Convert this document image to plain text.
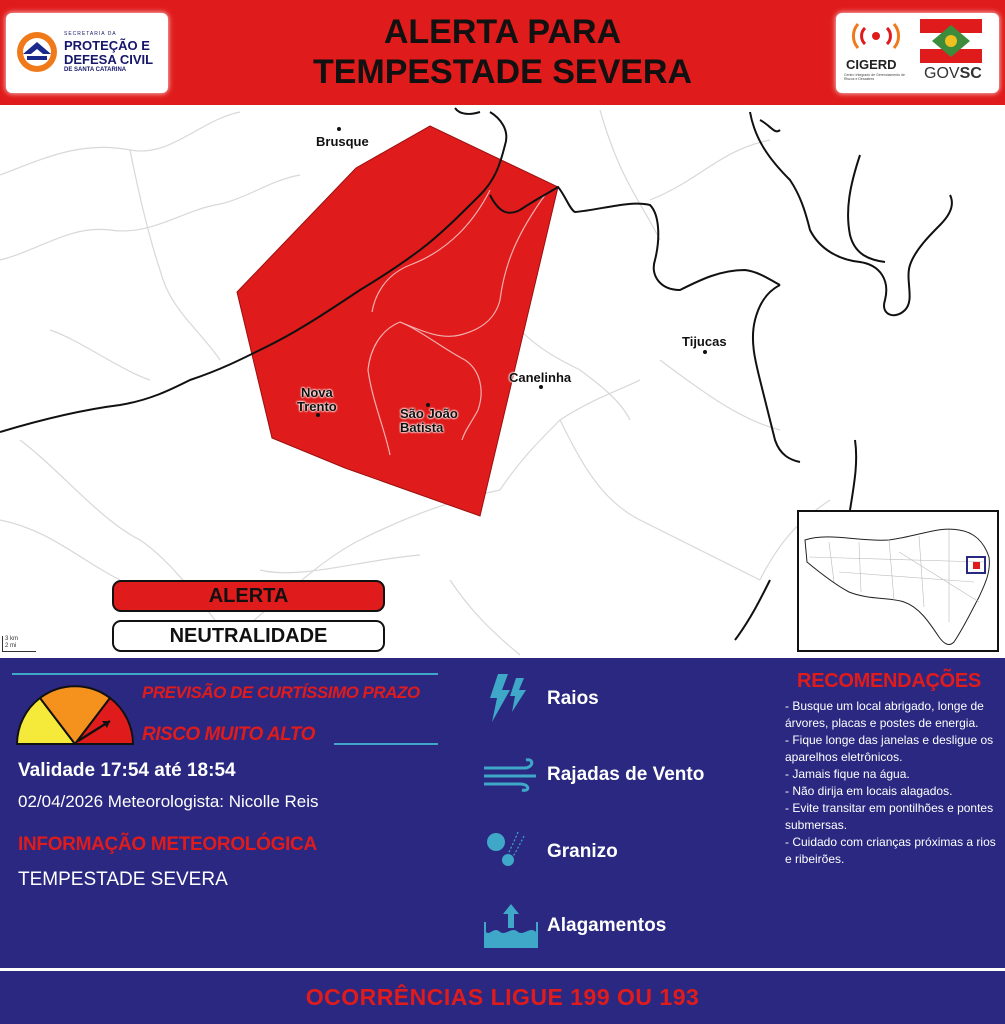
SECRETARIA DA
PROTEÇÃO E
DEFESA CIVIL
DE SANTA CATARINA
ALERTA PARA
TEMPESTADE SEVERA	CIGERD
Centro Integrado de Gerenciamento de Riscos e Desastres	GOVSC
Brusque
Tijucas
Canelinha
Nova
Trento	São João
Batista
ALERTA
NEUTRALIDADE
3 km
2 mi
PREVISÃO DE CURTÍSSIMO PRAZO
RISCO MUITO ALTO
Validade 17:54 até 18:54
02/04/2026 Meteorologista: Nicolle Reis
INFORMAÇÃO METEOROLÓGICA
TEMPESTADE SEVERA
Raios
Rajadas de Vento
Granizo
Alagamentos
RECOMENDAÇÕES
- Busque um local abrigado, longe de árvores, placas e postes de energia.
- Fique longe das janelas e desligue os aparelhos eletrônicos.
- Jamais fique na água.
- Não dirija em locais alagados.
- Evite transitar em pontilhões e pontes submersas.
- Cuidado com crianças próximas a rios e ribeirões.
OCORRÊNCIAS LIGUE 199 OU 193
